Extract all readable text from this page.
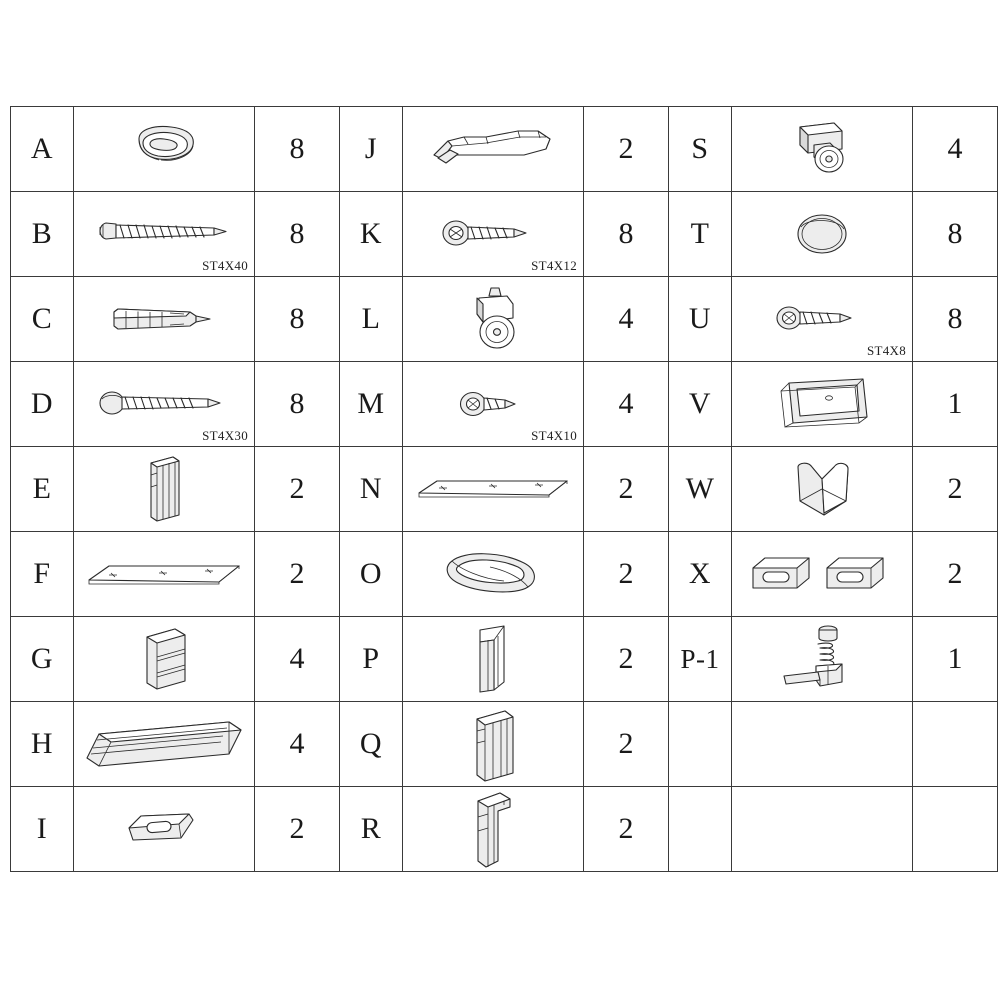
A		8	J		2	S		4
B	ST4X40	8	K	ST4X12	8	T		8
C		8	L		4	U	ST4X8	8
D	ST4X30	8	M	ST4X10	4	V		1
E		2	N		2	W		2
F		2	O		2	X		2
G		4	P		2	P-1		1
H		4	Q		2			
I		2	R		2			
